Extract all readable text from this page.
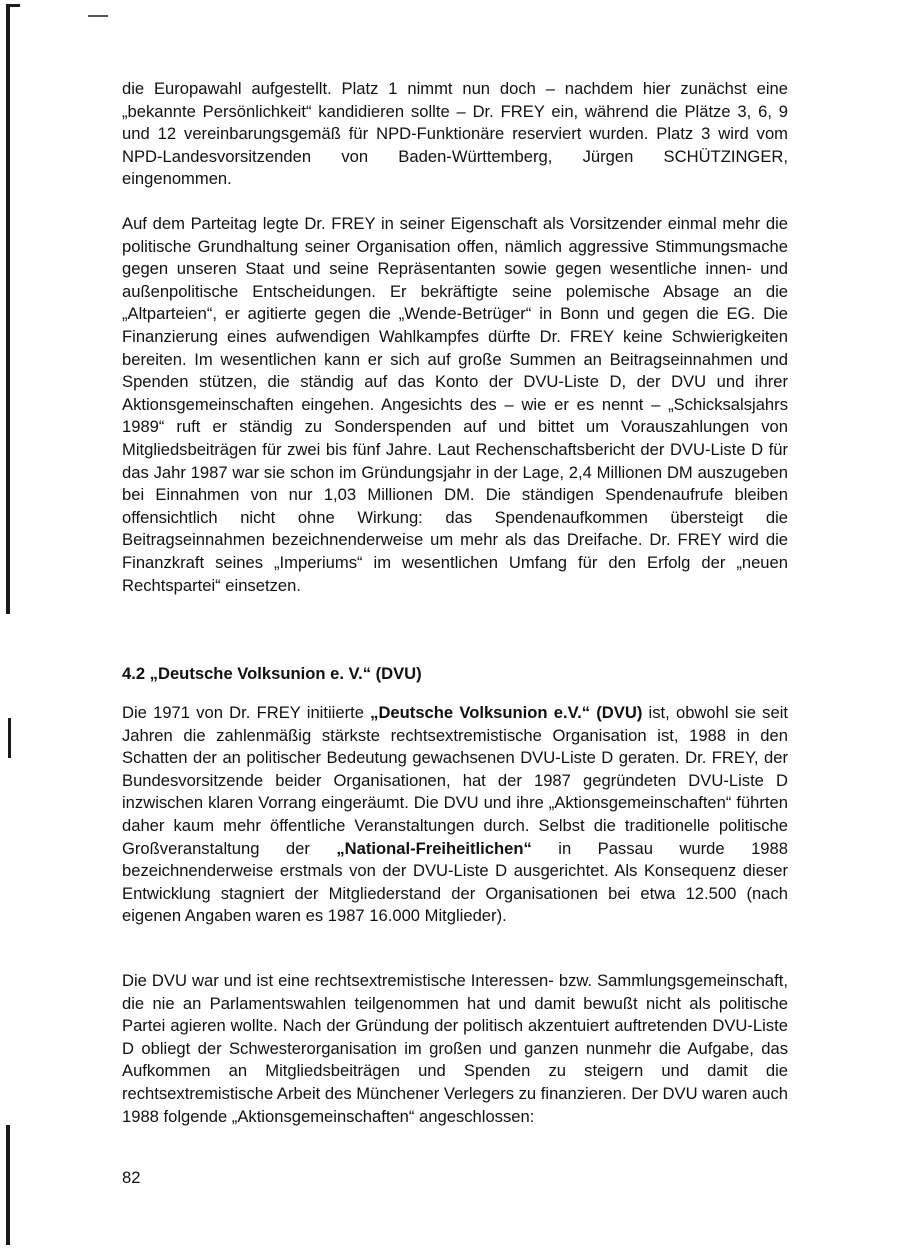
die Europawahl aufgestellt. Platz 1 nimmt nun doch – nachdem hier zunächst eine „bekannte Persönlichkeit“ kandidieren sollte – Dr. FREY ein, während die Plätze 3, 6, 9 und 12 vereinbarungsgemäß für NPD-Funktionäre reserviert wurden. Platz 3 wird vom NPD-Landesvorsitzenden von Baden-Württemberg, Jürgen SCHÜTZINGER, eingenommen.

Auf dem Parteitag legte Dr. FREY in seiner Eigenschaft als Vorsitzender einmal mehr die politische Grundhaltung seiner Organisation offen, nämlich aggressive Stimmungsmache gegen unseren Staat und seine Repräsentanten sowie gegen wesentliche innen- und außenpolitische Entscheidungen. Er bekräftigte seine polemische Absage an die „Altparteien“, er agitierte gegen die „Wende-Betrüger“ in Bonn und gegen die EG. Die Finanzierung eines aufwendigen Wahlkampfes dürfte Dr. FREY keine Schwierigkeiten bereiten. Im wesentlichen kann er sich auf große Summen an Beitragseinnahmen und Spenden stützen, die ständig auf das Konto der DVU-Liste D, der DVU und ihrer Aktionsgemeinschaften eingehen. Angesichts des – wie er es nennt – „Schicksalsjahrs 1989“ ruft er ständig zu Sonderspenden auf und bittet um Vorauszahlungen von Mitgliedsbeiträgen für zwei bis fünf Jahre. Laut Rechenschaftsbericht der DVU-Liste D für das Jahr 1987 war sie schon im Gründungsjahr in der Lage, 2,4 Millionen DM auszugeben bei Einnahmen von nur 1,03 Millionen DM. Die ständigen Spendenaufrufe bleiben offensichtlich nicht ohne Wirkung: das Spendenaufkommen übersteigt die Beitragseinnahmen bezeichnenderweise um mehr als das Dreifache. Dr. FREY wird die Finanzkraft seines „Imperiums“ im wesentlichen Umfang für den Erfolg der „neuen Rechtspartei“ einsetzen.

4.2 „Deutsche Volksunion e. V.“ (DVU)

Die 1971 von Dr. FREY initiierte „Deutsche Volksunion e.V.“ (DVU) ist, obwohl sie seit Jahren die zahlenmäßig stärkste rechtsextremistische Organisation ist, 1988 in den Schatten der an politischer Bedeutung gewachsenen DVU-Liste D geraten. Dr. FREY, der Bundesvorsitzende beider Organisationen, hat der 1987 gegründeten DVU-Liste D inzwischen klaren Vorrang eingeräumt. Die DVU und ihre „Aktionsgemeinschaften“ führten daher kaum mehr öffentliche Veranstaltungen durch. Selbst die traditionelle politische Großveranstaltung der „National-Freiheitlichen“ in Passau wurde 1988 bezeichnenderweise erstmals von der DVU-Liste D ausgerichtet. Als Konsequenz dieser Entwicklung stagniert der Mitgliederstand der Organisationen bei etwa 12.500 (nach eigenen Angaben waren es 1987 16.000 Mitglieder).

Die DVU war und ist eine rechtsextremistische Interessen- bzw. Sammlungsgemeinschaft, die nie an Parlamentswahlen teilgenommen hat und damit bewußt nicht als politische Partei agieren wollte. Nach der Gründung der politisch akzentuiert auftretenden DVU-Liste D obliegt der Schwesterorganisation im großen und ganzen nunmehr die Aufgabe, das Aufkommen an Mitgliedsbeiträgen und Spenden zu steigern und damit die rechtsextremistische Arbeit des Münchener Verlegers zu finanzieren. Der DVU waren auch 1988 folgende „Aktionsgemeinschaften“ angeschlossen:

82
